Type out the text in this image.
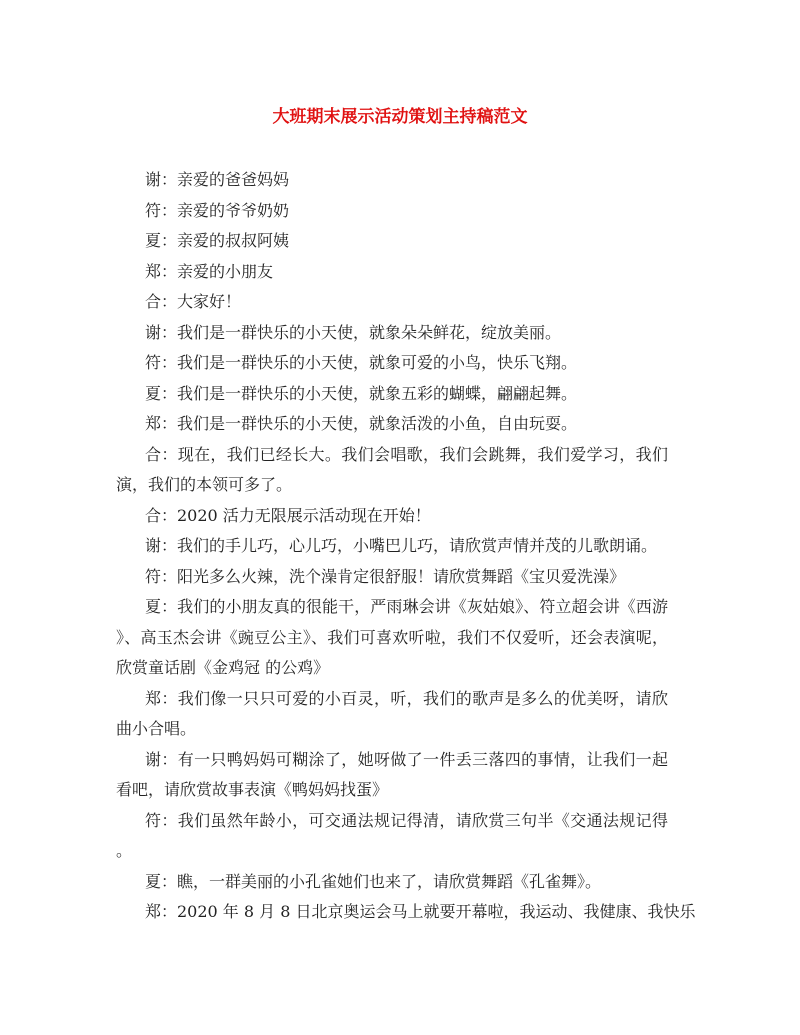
大班期末展示活动策划主持稿范文
谢：亲爱的爸爸妈妈
符：亲爱的爷爷奶奶
夏：亲爱的叔叔阿姨
郑：亲爱的小朋友
合：大家好！
谢：我们是一群快乐的小天使，就象朵朵鲜花，绽放美丽。
符：我们是一群快乐的小天使，就象可爱的小鸟，快乐飞翔。
夏：我们是一群快乐的小天使，就象五彩的蝴蝶，翩翩起舞。
郑：我们是一群快乐的小天使，就象活泼的小鱼，自由玩耍。
合：现在，我们已经长大。我们会唱歌，我们会跳舞，我们爱学习，我们
演，我们的本领可多了。
合：2020 活力无限展示活动现在开始！
谢：我们的手儿巧，心儿巧，小嘴巴儿巧，请欣赏声情并茂的儿歌朗诵。
符：阳光多么火辣，洗个澡肯定很舒服！请欣赏舞蹈《宝贝爱洗澡》
夏：我们的小朋友真的很能干，严雨琳会讲《灰姑娘》、符立超会讲《西游
》、高玉杰会讲《豌豆公主》、我们可喜欢听啦，我们不仅爱听，还会表演呢，
欣赏童话剧《金鸡冠 的公鸡》
郑：我们像一只只可爱的小百灵，听，我们的歌声是多么的优美呀，请欣
曲小合唱。
谢：有一只鸭妈妈可糊涂了，她呀做了一件丢三落四的事情，让我们一起
看吧，请欣赏故事表演《鸭妈妈找蛋》
符：我们虽然年龄小，可交通法规记得清，请欣赏三句半《交通法规记得
。
夏：瞧，一群美丽的小孔雀她们也来了，请欣赏舞蹈《孔雀舞》。
郑：2020 年 8 月 8 日北京奥运会马上就要开幕啦，我运动、我健康、我快乐
